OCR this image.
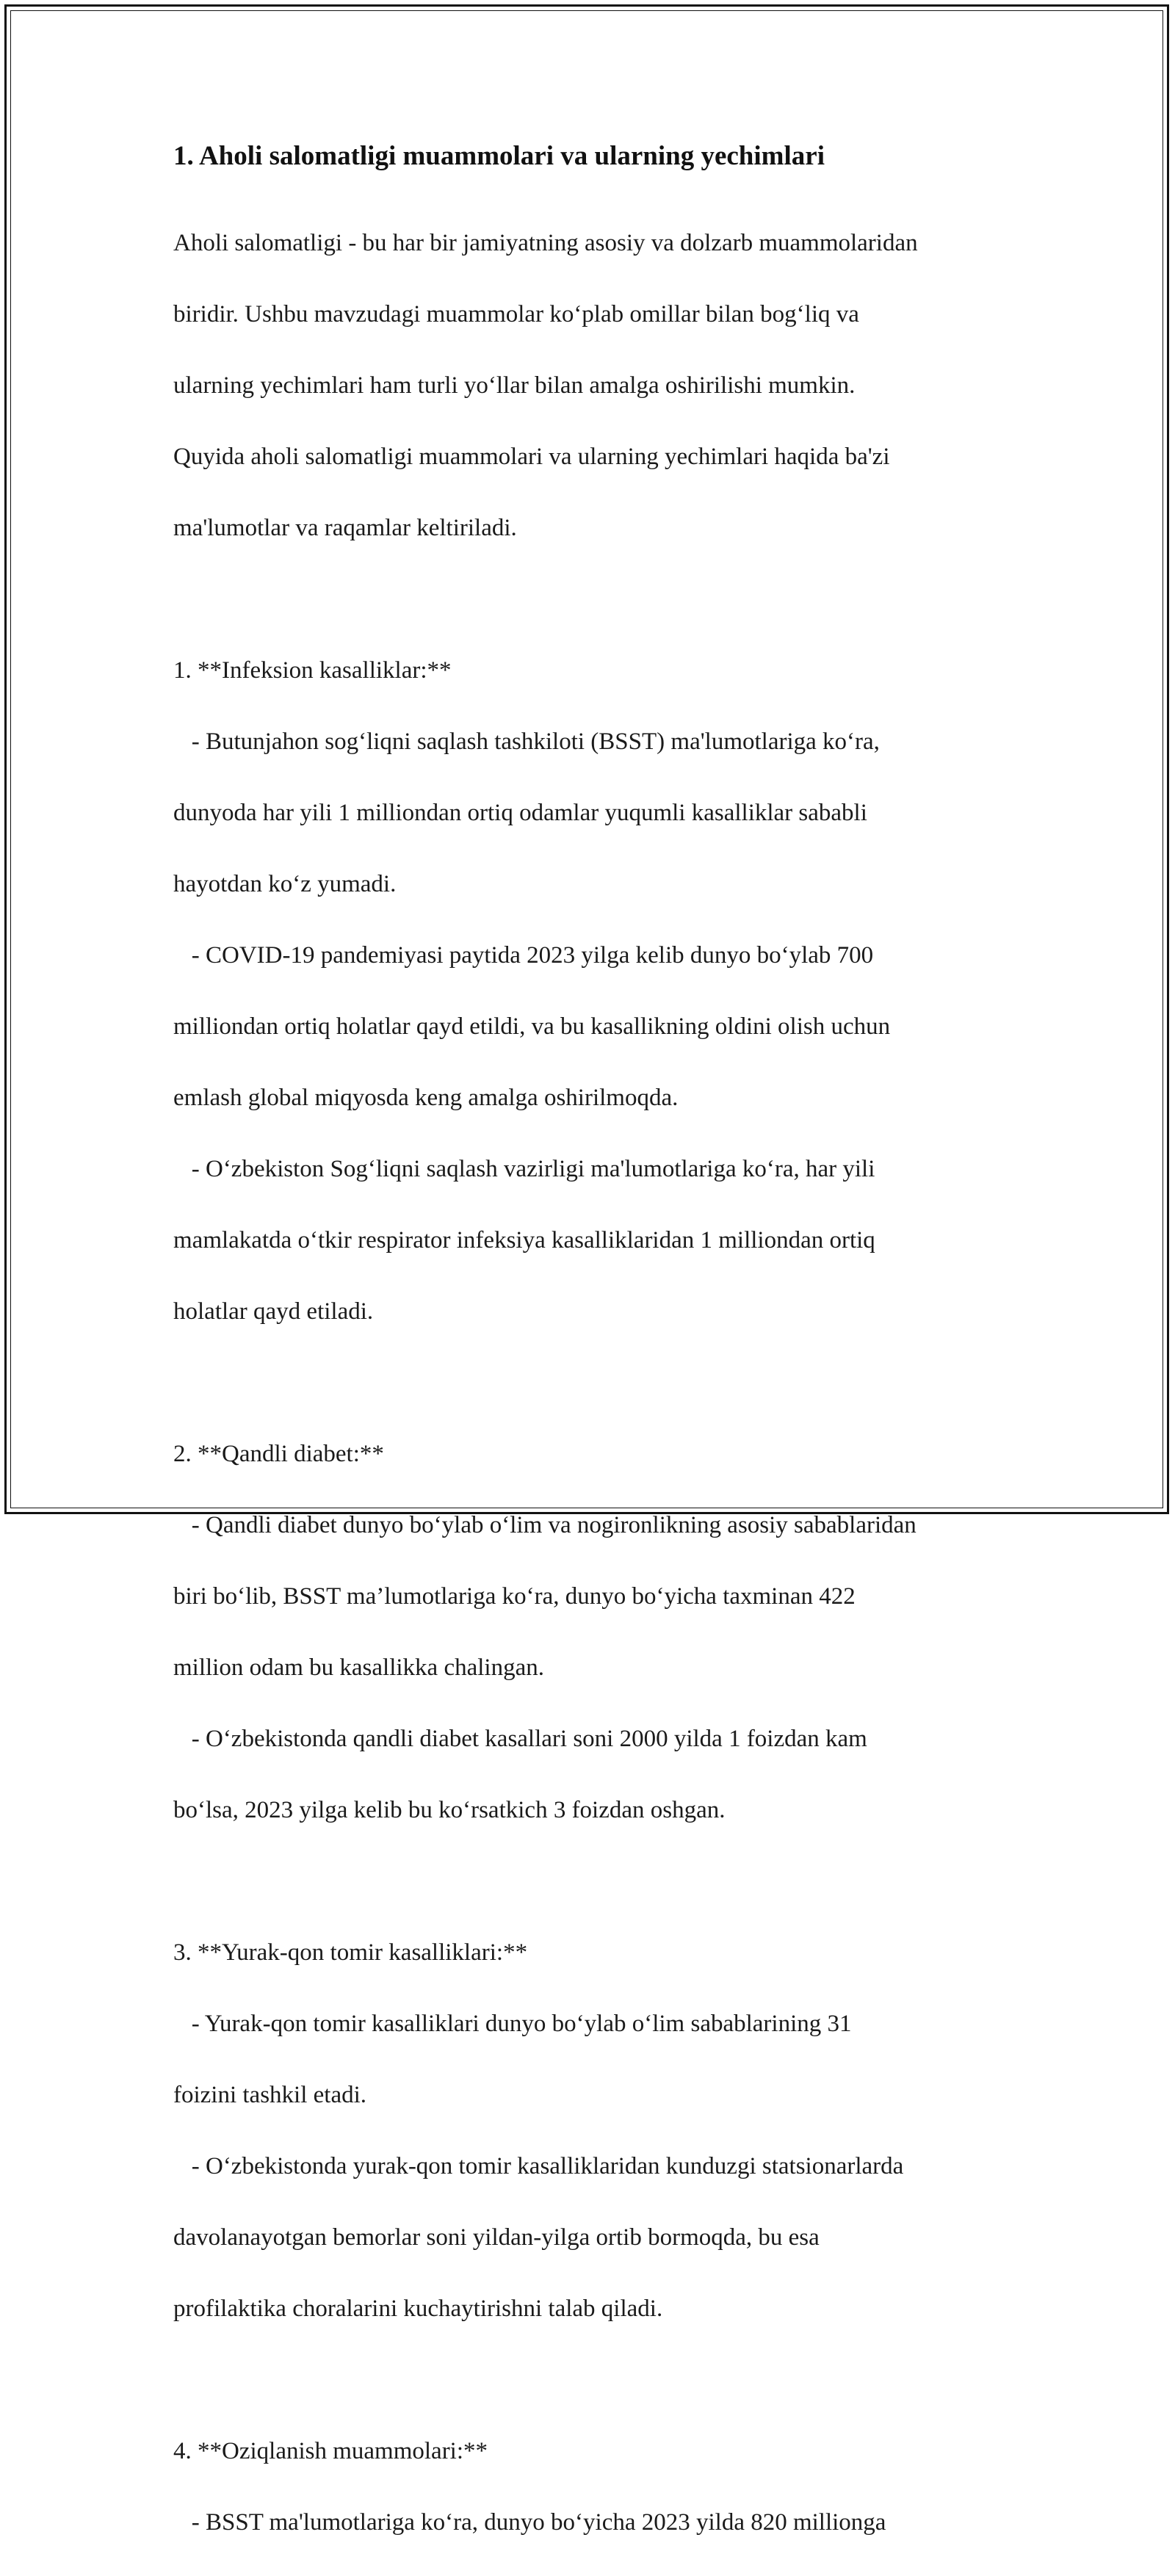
1. Aholi salomatligi muammolari va ularning yechimlari

Aholi salomatligi - bu har bir jamiyatning asosiy va dolzarb muammolaridan

biridir. Ushbu mavzudagi muammolar ko‘plab omillar bilan bog‘liq va

ularning yechimlari ham turli yo‘llar bilan amalga oshirilishi mumkin.

Quyida aholi salomatligi muammolari va ularning yechimlari haqida ba'zi

ma'lumotlar va raqamlar keltiriladi.

1. **Infeksion kasalliklar:**

- Butunjahon sog‘liqni saqlash tashkiloti (BSST) ma'lumotlariga ko‘ra,

dunyoda har yili 1 milliondan ortiq odamlar yuqumli kasalliklar sababli

hayotdan ko‘z yumadi.

- COVID-19 pandemiyasi paytida 2023 yilga kelib dunyo bo‘ylab 700

milliondan ortiq holatlar qayd etildi, va bu kasallikning oldini olish uchun

emlash global miqyosda keng amalga oshirilmoqda.

- O‘zbekiston Sog‘liqni saqlash vazirligi ma'lumotlariga ko‘ra, har yili

mamlakatda o‘tkir respirator infeksiya kasalliklaridan 1 milliondan ortiq

holatlar qayd etiladi.

2. **Qandli diabet:**

- Qandli diabet dunyo bo‘ylab o‘lim va nogironlikning asosiy sabablaridan

biri bo‘lib, BSST ma’lumotlariga ko‘ra, dunyo bo‘yicha taxminan 422

million odam bu kasallikka chalingan.

- O‘zbekistonda qandli diabet kasallari soni 2000 yilda 1 foizdan kam

bo‘lsa, 2023 yilga kelib bu ko‘rsatkich 3 foizdan oshgan.

3. **Yurak-qon tomir kasalliklari:**

- Yurak-qon tomir kasalliklari dunyo bo‘ylab o‘lim sabablarining 31

foizini tashkil etadi.

- O‘zbekistonda yurak-qon tomir kasalliklaridan kunduzgi statsionarlarda

davolanayotgan bemorlar soni yildan-yilga ortib bormoqda, bu esa

profilaktika choralarini kuchaytirishni talab qiladi.

4. **Oziqlanish muammolari:**

- BSST ma'lumotlariga ko‘ra, dunyo bo‘yicha 2023 yilda 820 millionga
